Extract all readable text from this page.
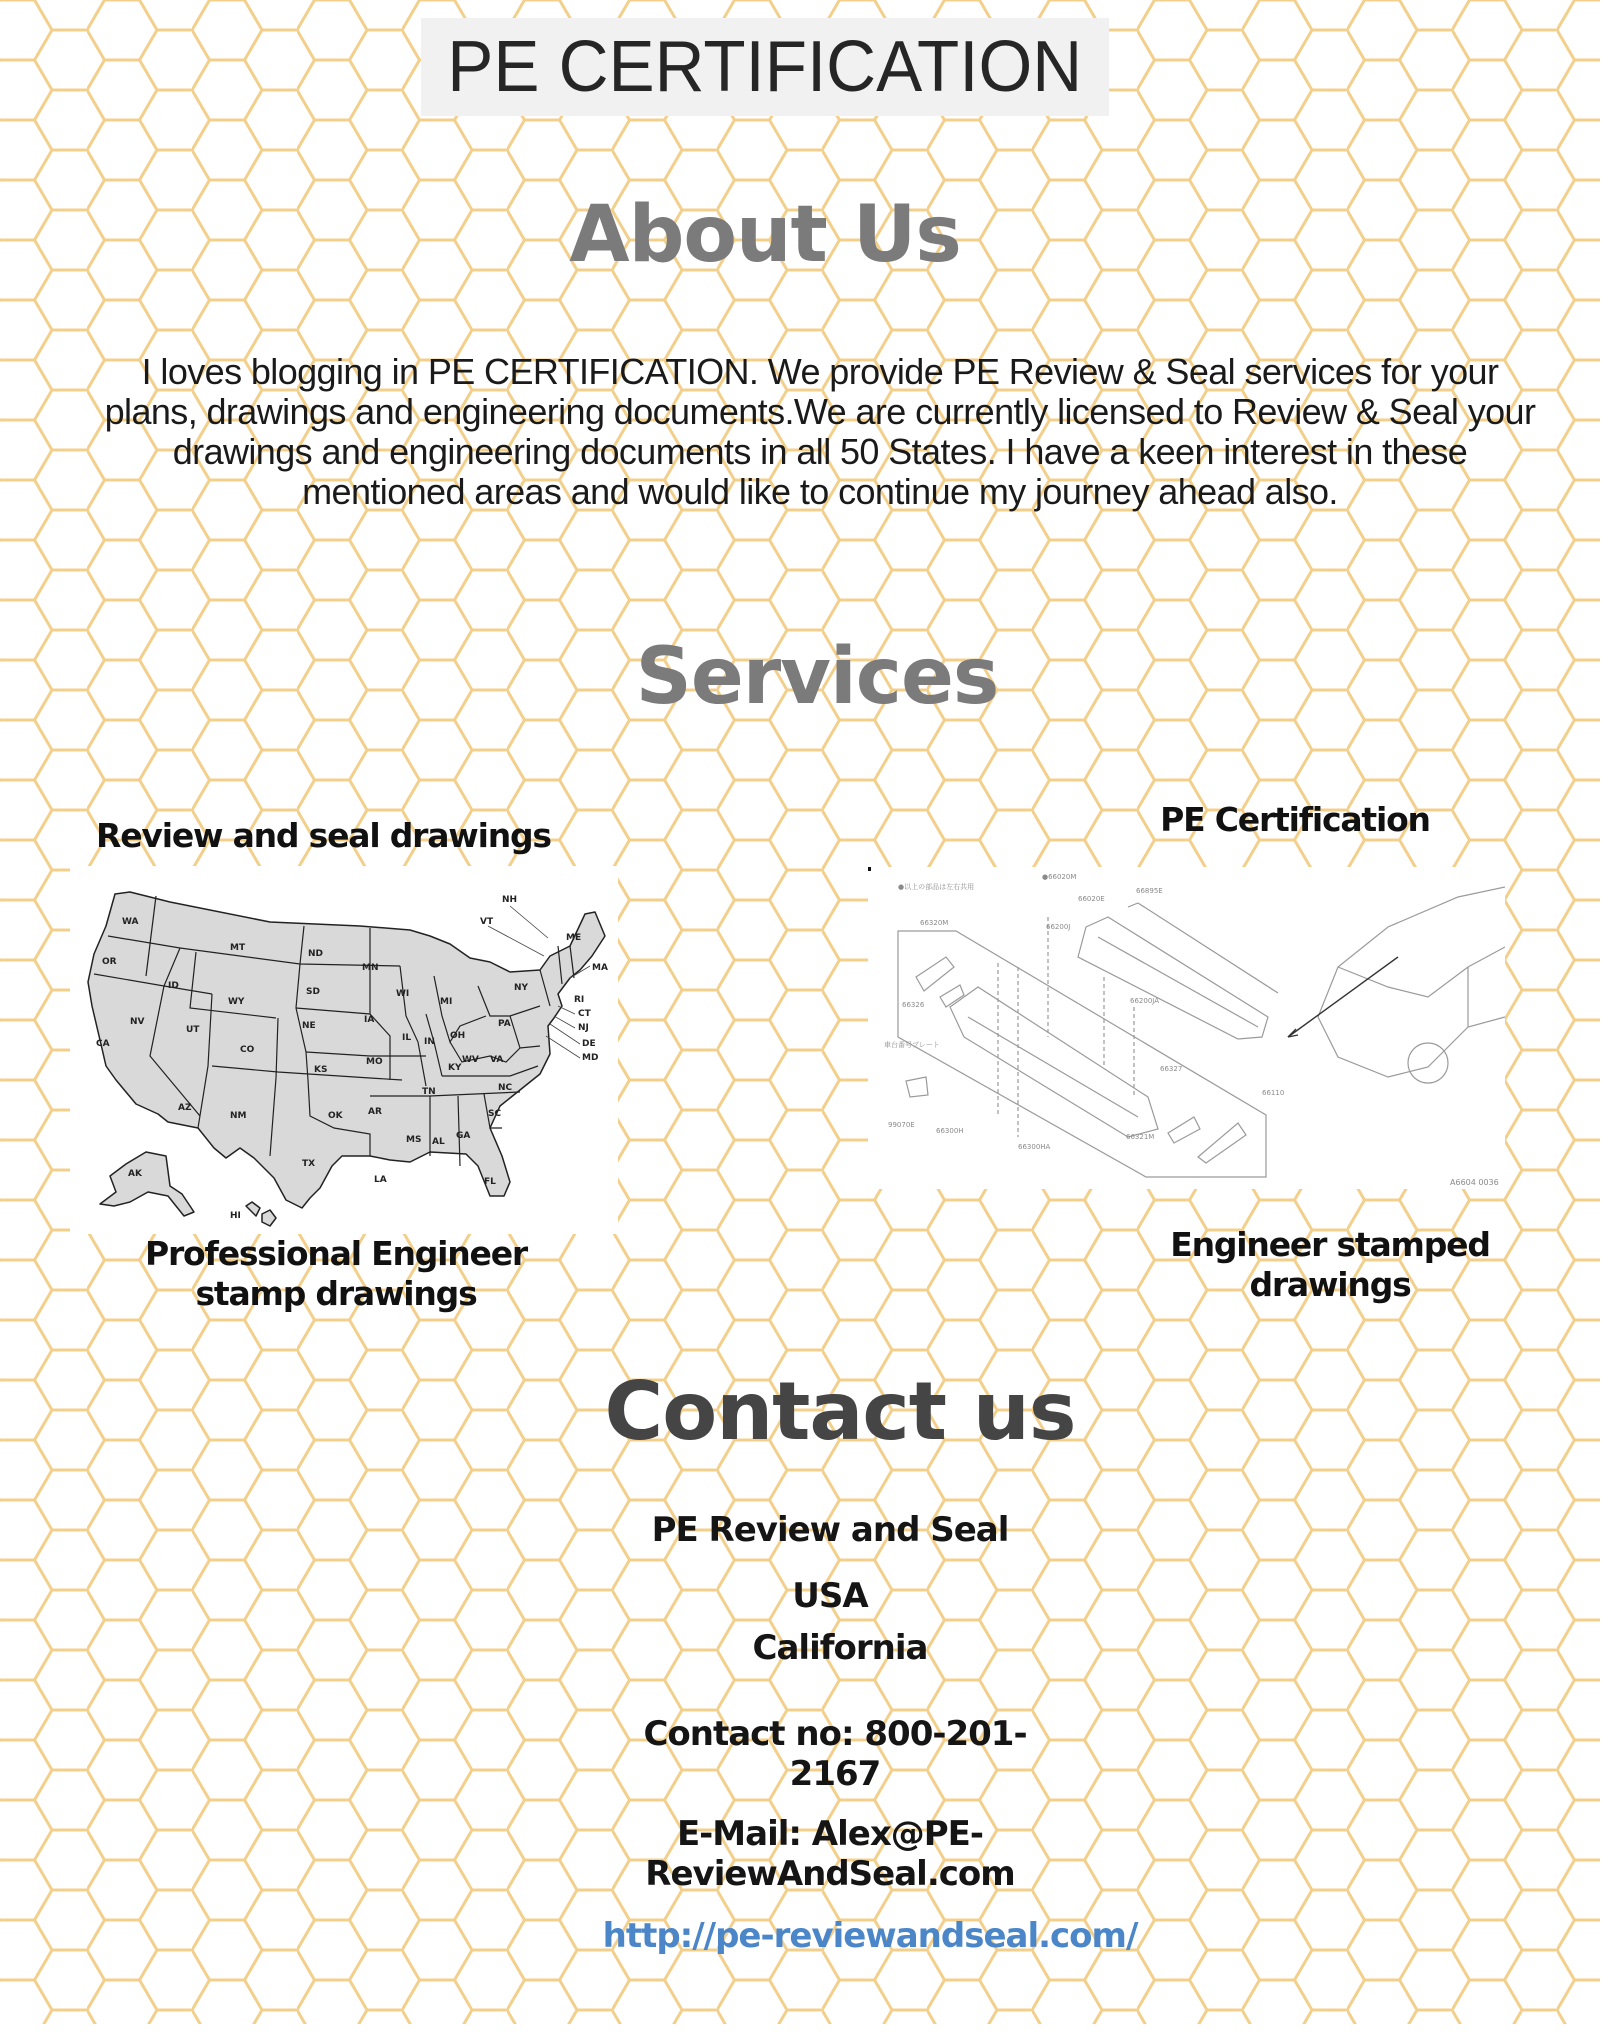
PE CERTIFICATION
About Us

I loves blogging in PE CERTIFICATION. We provide PE Review & Seal services for your plans, drawings and engineering documents.We are currently licensed to Review & Seal your drawings and engineering documents in all 50 States. I have a keen interest in these mentioned areas and would like to continue my journey ahead also.

Services
Review and seal drawings	PE Certification
WA
OR
CA
NV
ID
MT
WY
UT
AZ
NM
CO
ND
SD
NE
KS
OK
TX
MN
IA
MO
AR
LA
WI
IL
MI
IN
OH
KY
TN
MS AL
GA
FL
SC
NC
VA
WV
PA
NY
VT
NH
ME
MA
RI
CT
NJ
DE
MD
AK
HI
●以上の部品は左右共用
●66020M
66895E
66020E
66320M	66200J
66326	66200JA
66327
99070E
66300H
66300HA
66321M
66110
車台番号プレート
A6604 0036
Professional Engineer stamp drawings
Engineer stamped drawings
Contact us
PE Review and Seal
USA
California
Contact no: 800-201-2167
E-Mail: Alex@PE-ReviewAndSeal.com
http://pe-reviewandseal.com/
